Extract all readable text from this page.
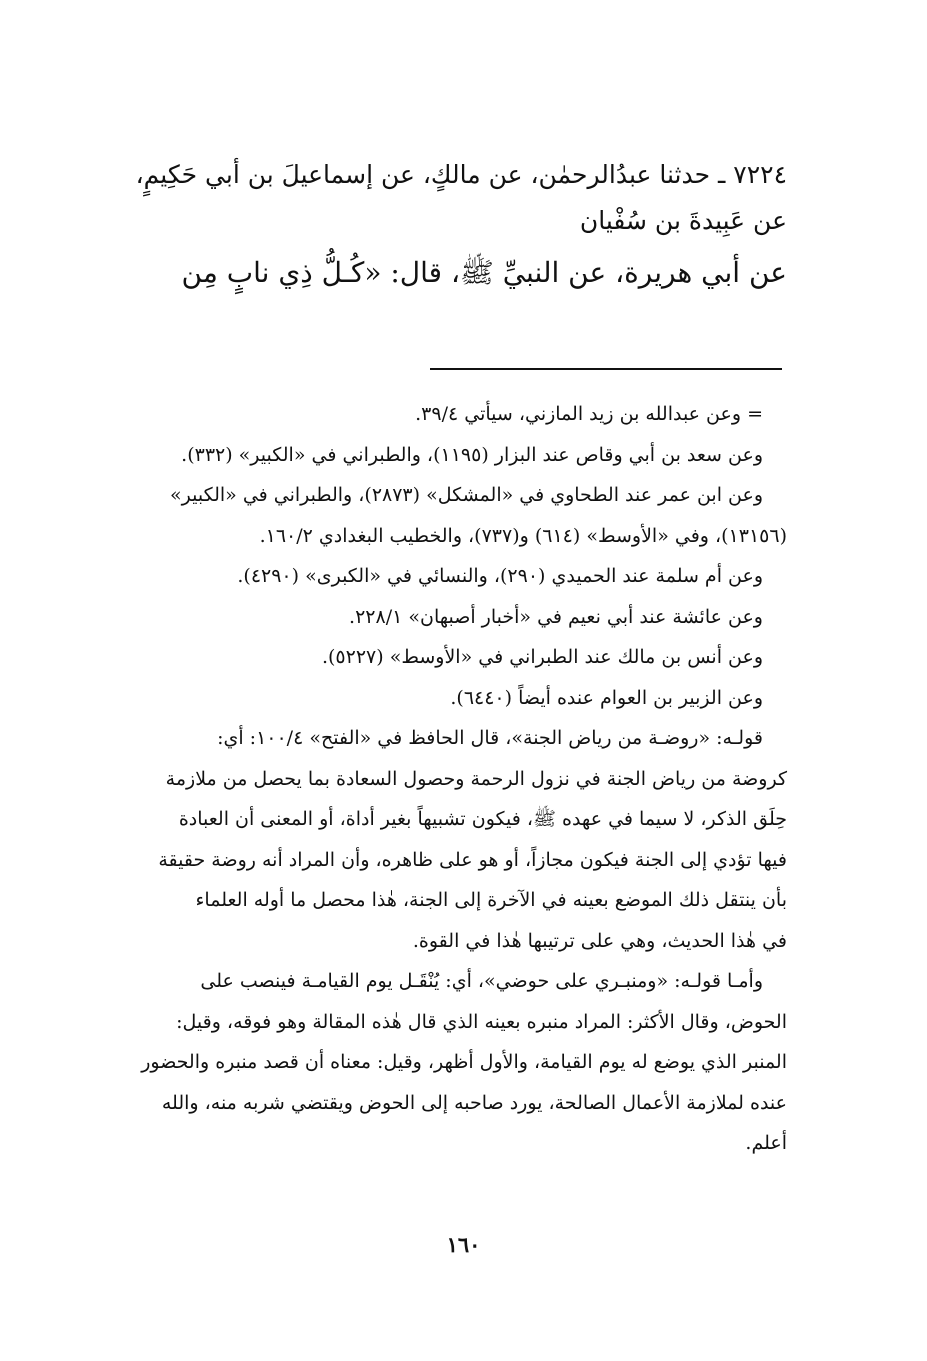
٧٢٢٤ ـ حدثنا عبدُالرحمٰن، عن مالكٍ، عن إسماعيلَ بن أبي حَكِيمٍ،
عن عَبِيدةَ بن سُفْيان
عن أبي هريرة، عن النبيِّ ﷺ، قال: «كُـلُّ ذِي نابٍ مِن
= وعن عبدالله بن زيد المازني، سيأتي ٣٩/٤.
وعن سعد بن أبي وقاص عند البزار (١١٩٥)، والطبراني في «الكبير» (٣٣٢).
وعن ابن عمر عند الطحاوي في «المشكل» (٢٨٧٣)، والطبراني في «الكبير»
(١٣١٥٦)، وفي «الأوسط» (٦١٤) و(٧٣٧)، والخطيب البغدادي ١٦٠/٢.
وعن أم سلمة عند الحميدي (٢٩٠)، والنسائي في «الكبرى» (٤٢٩٠).
وعن عائشة عند أبي نعيم في «أخبار أصبهان» ٢٢٨/١.
وعن أنس بن مالك عند الطبراني في «الأوسط» (٥٢٢٧).
وعن الزبير بن العوام عنده أيضاً (٦٤٤٠).
قولـه: «روضـة من رياض الجنة»، قال الحافظ في «الفتح» ١٠٠/٤: أي:
كروضة من رياض الجنة في نزول الرحمة وحصول السعادة بما يحصل من ملازمة
حِلَق الذكر، لا سيما في عهده ﷺ، فيكون تشبيهاً بغير أداة، أو المعنى أن العبادة
فيها تؤدي إلى الجنة فيكون مجازاً، أو هو على ظاهره، وأن المراد أنه روضة حقيقة
بأن ينتقل ذلك الموضع بعينه في الآخرة إلى الجنة، هٰذا محصل ما أوله العلماء
في هٰذا الحديث، وهي على ترتيبها هٰذا في القوة.
وأمـا قولـه: «ومنبـري على حوضي»، أي: يُنْقَـل يوم القيامـة فينصب على
الحوض، وقال الأكثر: المراد منبره بعينه الذي قال هٰذه المقالة وهو فوقه، وقيل:
المنبر الذي يوضع له يوم القيامة، والأول أظهر، وقيل: معناه أن قصد منبره والحضور
عنده لملازمة الأعمال الصالحة، يورد صاحبه إلى الحوض ويقتضي شربه منه، والله
أعلم.
١٦٠
